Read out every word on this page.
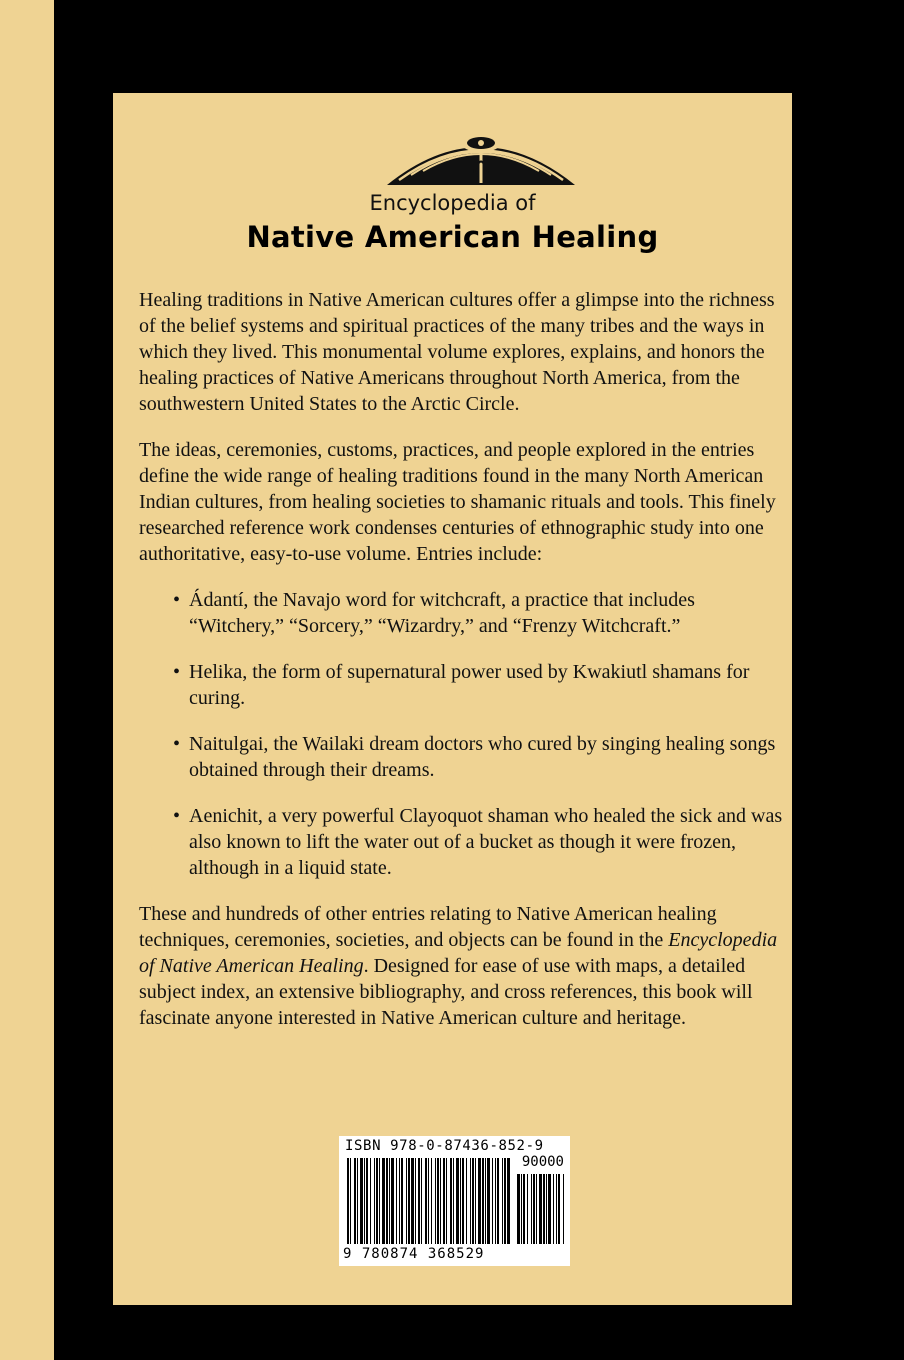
Encyclopedia of
Native American Healing

Healing traditions in Native American cultures offer a glimpse into the richness of the belief systems and spiritual practices of the many tribes and the ways in which they lived. This monumental volume explores, explains, and honors the healing practices of Native Americans throughout North America, from the southwestern United States to the Arctic Circle.

The ideas, ceremonies, customs, practices, and people explored in the entries define the wide range of healing traditions found in the many North American Indian cultures, from healing societies to shamanic rituals and tools. This finely researched reference work condenses centuries of ethnographic study into one authoritative, easy-to-use volume. Entries include:

• Ádantí, the Navajo word for witchcraft, a practice that includes “Witchery,” “Sorcery,” “Wizardry,” and “Frenzy Witchcraft.”
• Helika, the form of supernatural power used by Kwakiutl shamans for curing.
• Naitulgai, the Wailaki dream doctors who cured by singing healing songs obtained through their dreams.
• Aenichit, a very powerful Clayoquot shaman who healed the sick and was also known to lift the water out of a bucket as though it were frozen, although in a liquid state.

These and hundreds of other entries relating to Native American healing techniques, ceremonies, societies, and objects can be found in the Encyclopedia of Native American Healing. Designed for ease of use with maps, a detailed subject index, an extensive bibliography, and cross references, this book will fascinate anyone interested in Native American culture and heritage.

ISBN 978-0-87436-852-9
90000
9 780874 368529
